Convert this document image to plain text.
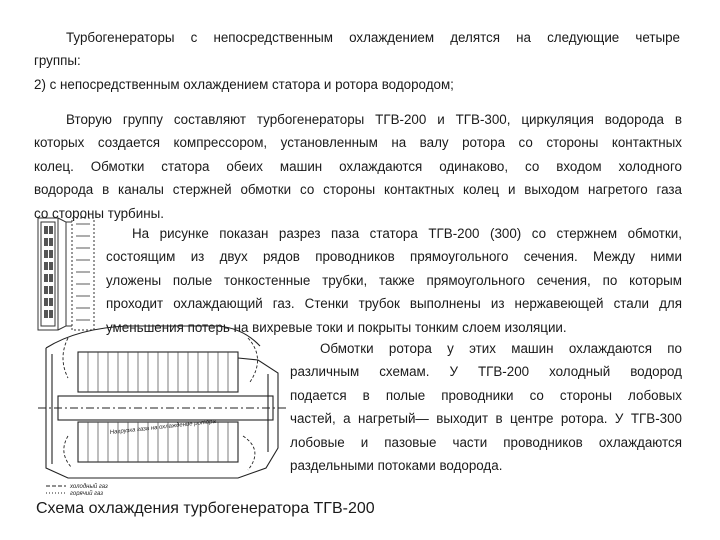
Турбогенераторы с непосредственным охлаждением делятся на следующие четыре
группы:
2) с непосредственным охлаждением статора и ротора водородом;
Вторую группу составляют турбогенераторы ТГВ-200 и ТГВ-300, циркуляция водорода в
которых создается компрессором, установленным на валу ротора со стороны контактных
колец. Обмотки статора обеих машин охлаждаются одинаково, со входом холодного
водорода в каналы стержней обмотки со стороны контактных колец и выходом нагретого газа
со стороны турбины.
На рисунке показан разрез паза статора ТГВ-200 (300) со стержнем обмотки,
состоящим из двух рядов проводников прямоугольного сечения. Между ними
уложены полые тонкостенные трубки, также прямоугольного сечения, по которым
проходит охлаждающий газ. Стенки трубок выполнены из нержавеющей стали для
уменьшения потерь на вихревые токи и покрыты тонким слоем изоляции.
Обмотки ротора у этих машин охлаждаются по
различным схемам. У ТГВ-200 холодный водород
подается в полые проводники со стороны лобовых
частей, а нагретый— выходит в центре ротора. У ТГВ-300
лобовые и пазовые части проводников охлаждаются
раздельными потоками водорода.
Нагрузка газа на охлаждение ротора
холодный газ
горячий газ

Схема охлаждения турбогенератора ТГВ-200
